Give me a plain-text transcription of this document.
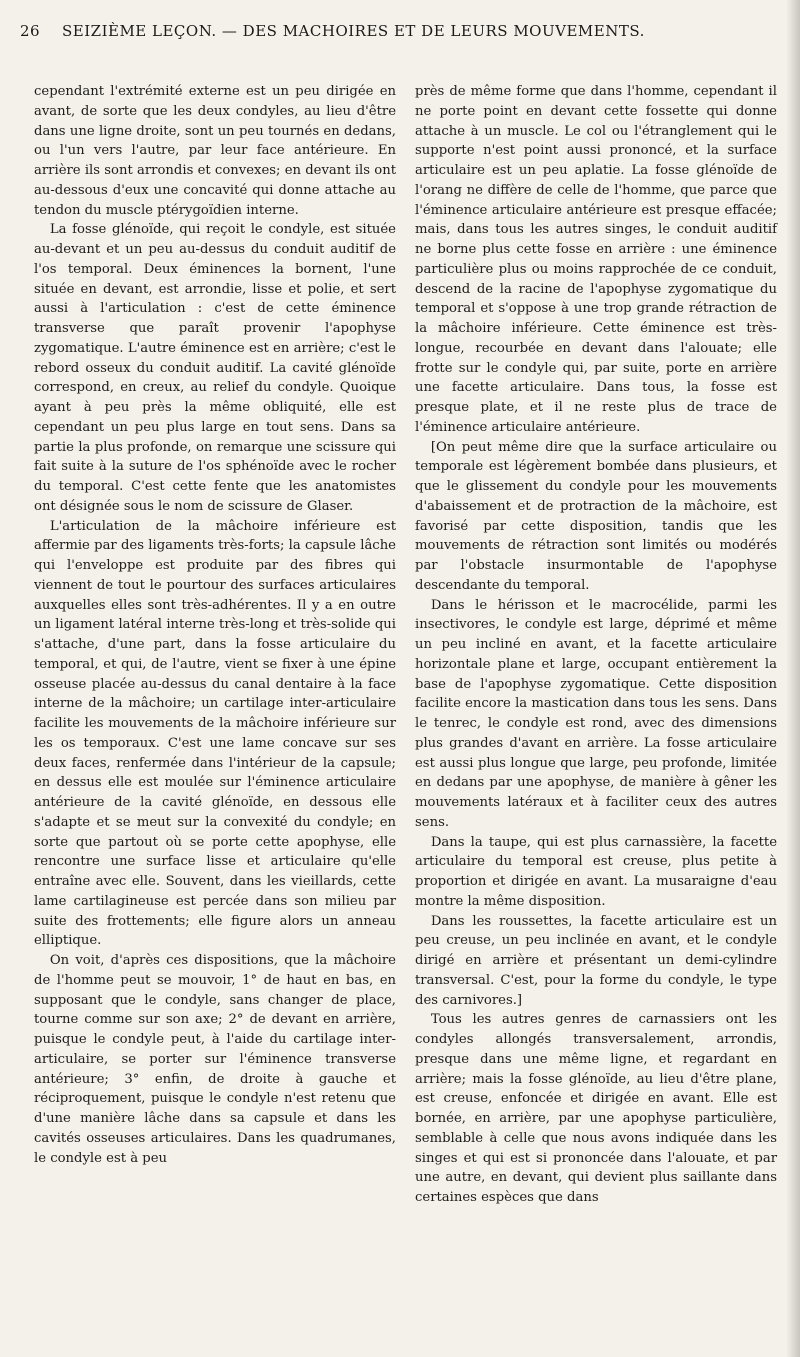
26 SEIZIÈME LEÇON. — DES MACHOIRES ET DE LEURS MOUVEMENTS.

cependant l'extrémité externe est un peu dirigée en avant, de sorte que les deux condyles, au lieu d'être dans une ligne droite, sont un peu tournés en dedans, ou l'un vers l'autre, par leur face antérieure. En arrière ils sont arrondis et convexes; en devant ils ont au-dessous d'eux une concavité qui donne attache au tendon du muscle ptérygoïdien interne.

La fosse glénoïde, qui reçoit le condyle, est située au-devant et un peu au-dessus du conduit auditif de l'os temporal. Deux éminences la bornent, l'une située en devant, est arrondie, lisse et polie, et sert aussi à l'articulation : c'est de cette éminence transverse que paraît provenir l'apophyse zygomatique. L'autre éminence est en arrière; c'est le rebord osseux du conduit auditif. La cavité glénoïde correspond, en creux, au relief du condyle. Quoique ayant à peu près la même obliquité, elle est cependant un peu plus large en tout sens. Dans sa partie la plus profonde, on remarque une scissure qui fait suite à la suture de l'os sphénoïde avec le rocher du temporal. C'est cette fente que les anatomistes ont désignée sous le nom de scissure de Glaser.

L'articulation de la mâchoire inférieure est affermie par des ligaments très-forts; la capsule lâche qui l'enveloppe est produite par des fibres qui viennent de tout le pourtour des surfaces articulaires auxquelles elles sont très-adhérentes. Il y a en outre un ligament latéral interne très-long et très-solide qui s'attache, d'une part, dans la fosse articulaire du temporal, et qui, de l'autre, vient se fixer à une épine osseuse placée au-dessus du canal dentaire à la face interne de la mâchoire; un cartilage inter-articulaire facilite les mouvements de la mâchoire inférieure sur les os temporaux. C'est une lame concave sur ses deux faces, renfermée dans l'intérieur de la capsule; en dessus elle est moulée sur l'éminence articulaire antérieure de la cavité glénoïde, en dessous elle s'adapte et se meut sur la convexité du condyle; en sorte que partout où se porte cette apophyse, elle rencontre une surface lisse et articulaire qu'elle entraîne avec elle. Souvent, dans les vieillards, cette lame cartilagineuse est percée dans son milieu par suite des frottements; elle figure alors un anneau elliptique.

On voit, d'après ces dispositions, que la mâchoire de l'homme peut se mouvoir, 1° de haut en bas, en supposant que le condyle, sans changer de place, tourne comme sur son axe; 2° de devant en arrière, puisque le condyle peut, à l'aide du cartilage inter-articulaire, se porter sur l'éminence transverse antérieure; 3° enfin, de droite à gauche et réciproquement, puisque le condyle n'est retenu que d'une manière lâche dans sa capsule et dans les cavités osseuses articulaires. Dans les quadrumanes, le condyle est à peu

près de même forme que dans l'homme, cependant il ne porte point en devant cette fossette qui donne attache à un muscle. Le col ou l'étranglement qui le supporte n'est point aussi prononcé, et la surface articulaire est un peu aplatie. La fosse glénoïde de l'orang ne diffère de celle de l'homme, que parce que l'éminence articulaire antérieure est presque effacée; mais, dans tous les autres singes, le conduit auditif ne borne plus cette fosse en arrière : une éminence particulière plus ou moins rapprochée de ce conduit, descend de la racine de l'apophyse zygomatique du temporal et s'oppose à une trop grande rétraction de la mâchoire inférieure. Cette éminence est très-longue, recourbée en devant dans l'alouate; elle frotte sur le condyle qui, par suite, porte en arrière une facette articulaire. Dans tous, la fosse est presque plate, et il ne reste plus de trace de l'éminence articulaire antérieure.

[On peut même dire que la surface articulaire ou temporale est légèrement bombée dans plusieurs, et que le glissement du condyle pour les mouvements d'abaissement et de protraction de la mâchoire, est favorisé par cette disposition, tandis que les mouvements de rétraction sont limités ou modérés par l'obstacle insurmontable de l'apophyse descendante du temporal.

Dans le hérisson et le macrocélide, parmi les insectivores, le condyle est large, déprimé et même un peu incliné en avant, et la facette articulaire horizontale plane et large, occupant entièrement la base de l'apophyse zygomatique. Cette disposition facilite encore la mastication dans tous les sens. Dans le tenrec, le condyle est rond, avec des dimensions plus grandes d'avant en arrière. La fosse articulaire est aussi plus longue que large, peu profonde, limitée en dedans par une apophyse, de manière à gêner les mouvements latéraux et à faciliter ceux des autres sens.

Dans la taupe, qui est plus carnassière, la facette articulaire du temporal est creuse, plus petite à proportion et dirigée en avant. La musaraigne d'eau montre la même disposition.

Dans les roussettes, la facette articulaire est un peu creuse, un peu inclinée en avant, et le condyle dirigé en arrière et présentant un demi-cylindre transversal. C'est, pour la forme du condyle, le type des carnivores.]

Tous les autres genres de carnassiers ont les condyles allongés transversalement, arrondis, presque dans une même ligne, et regardant en arrière; mais la fosse glénoïde, au lieu d'être plane, est creuse, enfoncée et dirigée en avant. Elle est bornée, en arrière, par une apophyse particulière, semblable à celle que nous avons indiquée dans les singes et qui est si prononcée dans l'alouate, et par une autre, en devant, qui devient plus saillante dans certaines espèces que dans
